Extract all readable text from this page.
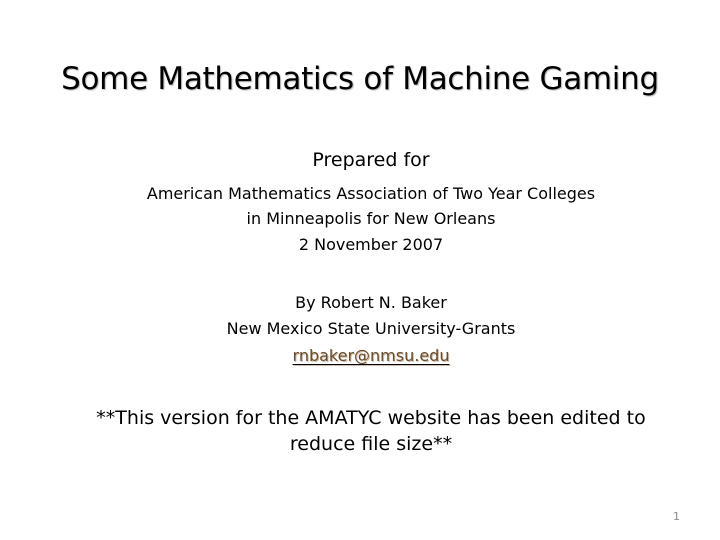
Some Mathematics of Machine Gaming
Prepared for
American Mathematics Association of Two Year Colleges
in Minneapolis for New Orleans
2 November 2007
By Robert N. Baker
New Mexico State University-Grants
rnbaker@nmsu.edu
**This version for the AMATYC website has been edited to
reduce file size**
1
